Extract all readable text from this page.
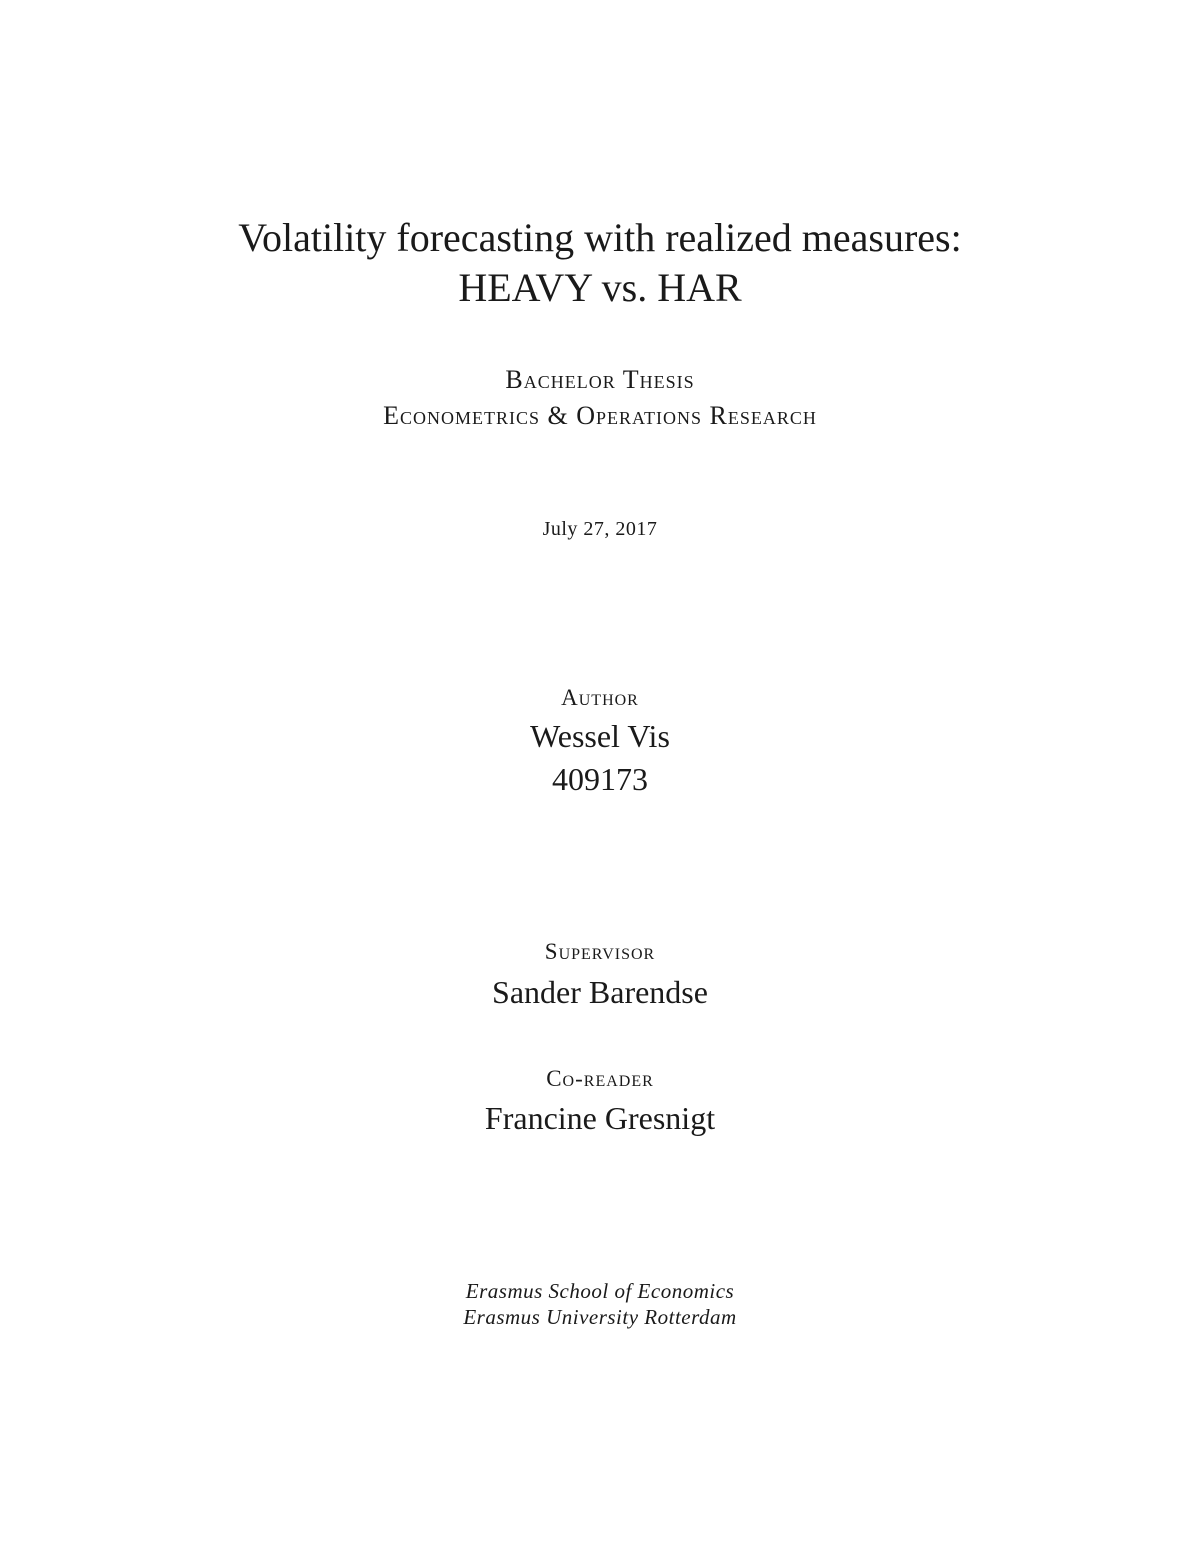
Volatility forecasting with realized measures:
HEAVY vs. HAR
Bachelor Thesis
Econometrics & Operations Research
July 27, 2017
Author
Wessel Vis
409173
Supervisor
Sander Barendse
Co-reader
Francine Gresnigt
Erasmus School of Economics
Erasmus University Rotterdam
